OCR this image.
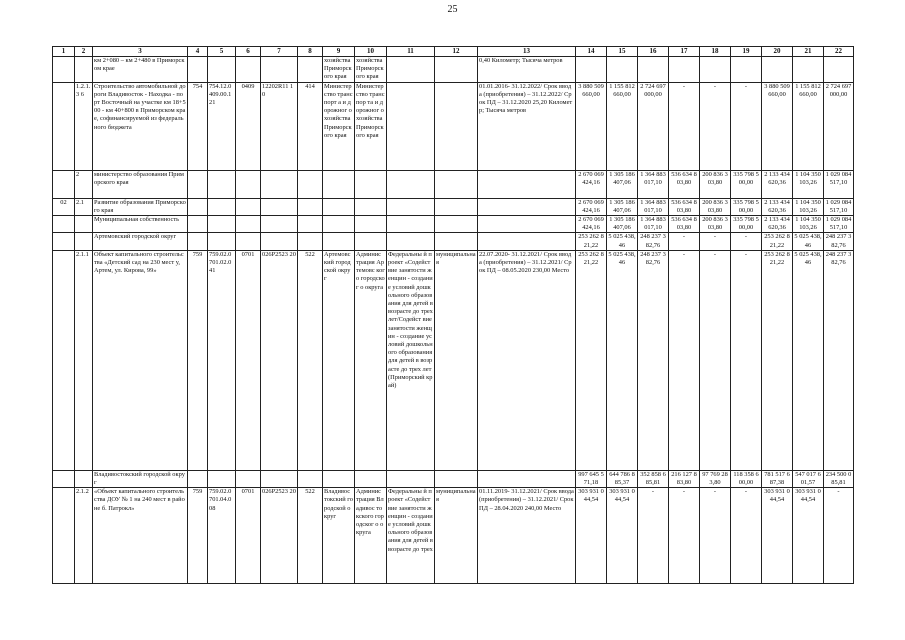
25
1	2	3	4	5	6	7	8	9	10	11	12	13	14	15	16	17	18	19	20	21	22
		км 2+080 – км 2+480 в Приморском крае						хозяйства Приморск ого края	хозяйства Приморск ого края			0,40 Километр; Тысяча метров									
	1.2.1.3 6	Строительство автомобильной дороги Владивосток - Находка - порт Восточный на участке км 18+500 - км 40+800 в Приморском крае, софинансируемой из федерального бюджета	754	754.12.0 409.00.1 21	0409	12202R11 10	414	Министер ство транспорт а и дорожног о хозяйства Приморск ого края	Министер ство транспор та и дорожног о хозяйства Приморск ого края			01.01.2016- 31.12.2022/ Срок ввода (приобретения) – 31.12.2022/ Срок ПД – 31.12.2020 25,20 Километр; Тысяча метров	3 880 509 660,00	1 155 812 660,00	2 724 697 000,00	-	-	-	3 880 509 660,00	1 155 812 660,00	2 724 697 000,00
	2	министерство образования Приморского края											2 670 069 424,16	1 305 186 407,06	1 364 883 017,10	536 634 8 03,80	200 836 3 03,80	335 798 5 00,00	2 133 434 620,36	1 104 350 103,26	1 029 084 517,10
02	2.1	Развитие образования Приморского края											2 670 069 424,16	1 305 186 407,06	1 364 883 017,10	536 634 8 03,80	200 836 3 03,80	335 798 5 00,00	2 133 434 620,36	1 104 350 103,26	1 029 084 517,10
		Муниципальная собственность											2 670 069 424,16	1 305 186 407,06	1 364 883 017,10	536 634 8 03,80	200 836 3 03,80	335 798 5 00,00	2 133 434 620,36	1 104 350 103,26	1 029 084 517,10
		Артемовский городской округ											253 262 8 21,22	5 025 438, 46	248 237 3 82,76	-	-	-	253 262 8 21,22	5 025 438, 46	248 237 3 82,76
	2.1.1	Объект капитального строительства «Детский сад на 230 мест у, Артем, ул. Кирова, 99»	759	759.02.0 701.02.0 41	0701	026P2523 20	522	Артемовс кий городской округ	Админис трация Артемовс кого городског о округа	Федеральны й проект «Содействие занятости женщин - создание условий дошкольного образования для детей в возрасте до трех лет/Содейст вие занятости женщин - создание условий дошкольного образования для детей в возрасте до трех лет (Приморский край)	муниципальная	22.07.2020- 31.12.2021/ Срок ввода (приобретения) – 31.12.2021/ Срок ПД – 08.05.2020 230,00 Место	253 262 8 21,22	5 025 438, 46	248 237 3 82,76	-	-	-	253 262 8 21,22	5 025 438, 46	248 237 3 82,76
		Владивостокский городской округ											997 645 5 71,18	644 786 8 85,37	352 858 6 85,81	216 127 8 83,80	97 769 28 3,80	118 358 6 00,00	781 517 6 87,38	547 017 6 01,57	234 500 0 85,81
	2.1.2	«Объект капитального строительства ДОУ № 1 на 240 мест в районе б. Патрокл»	759	759.02.0 701.04.0 08	0701	026P2523 20	522	Владивос токский городской округ	Админис трация Владивос токского городског о округа	Федеральны й проект «Содействие занятости женщин - создание условий дошкольного образования для детей в возрасте до трех	муниципальная	01.11.2019- 31.12.2021/ Срок ввода (приобретения) – 31.12.2021/ Срок ПД – 28.04.2020 240,00 Место	303 931 0 44,54	303 931 0 44,54	-	-	-	-	303 931 0 44,54	303 931 0 44,54	-
